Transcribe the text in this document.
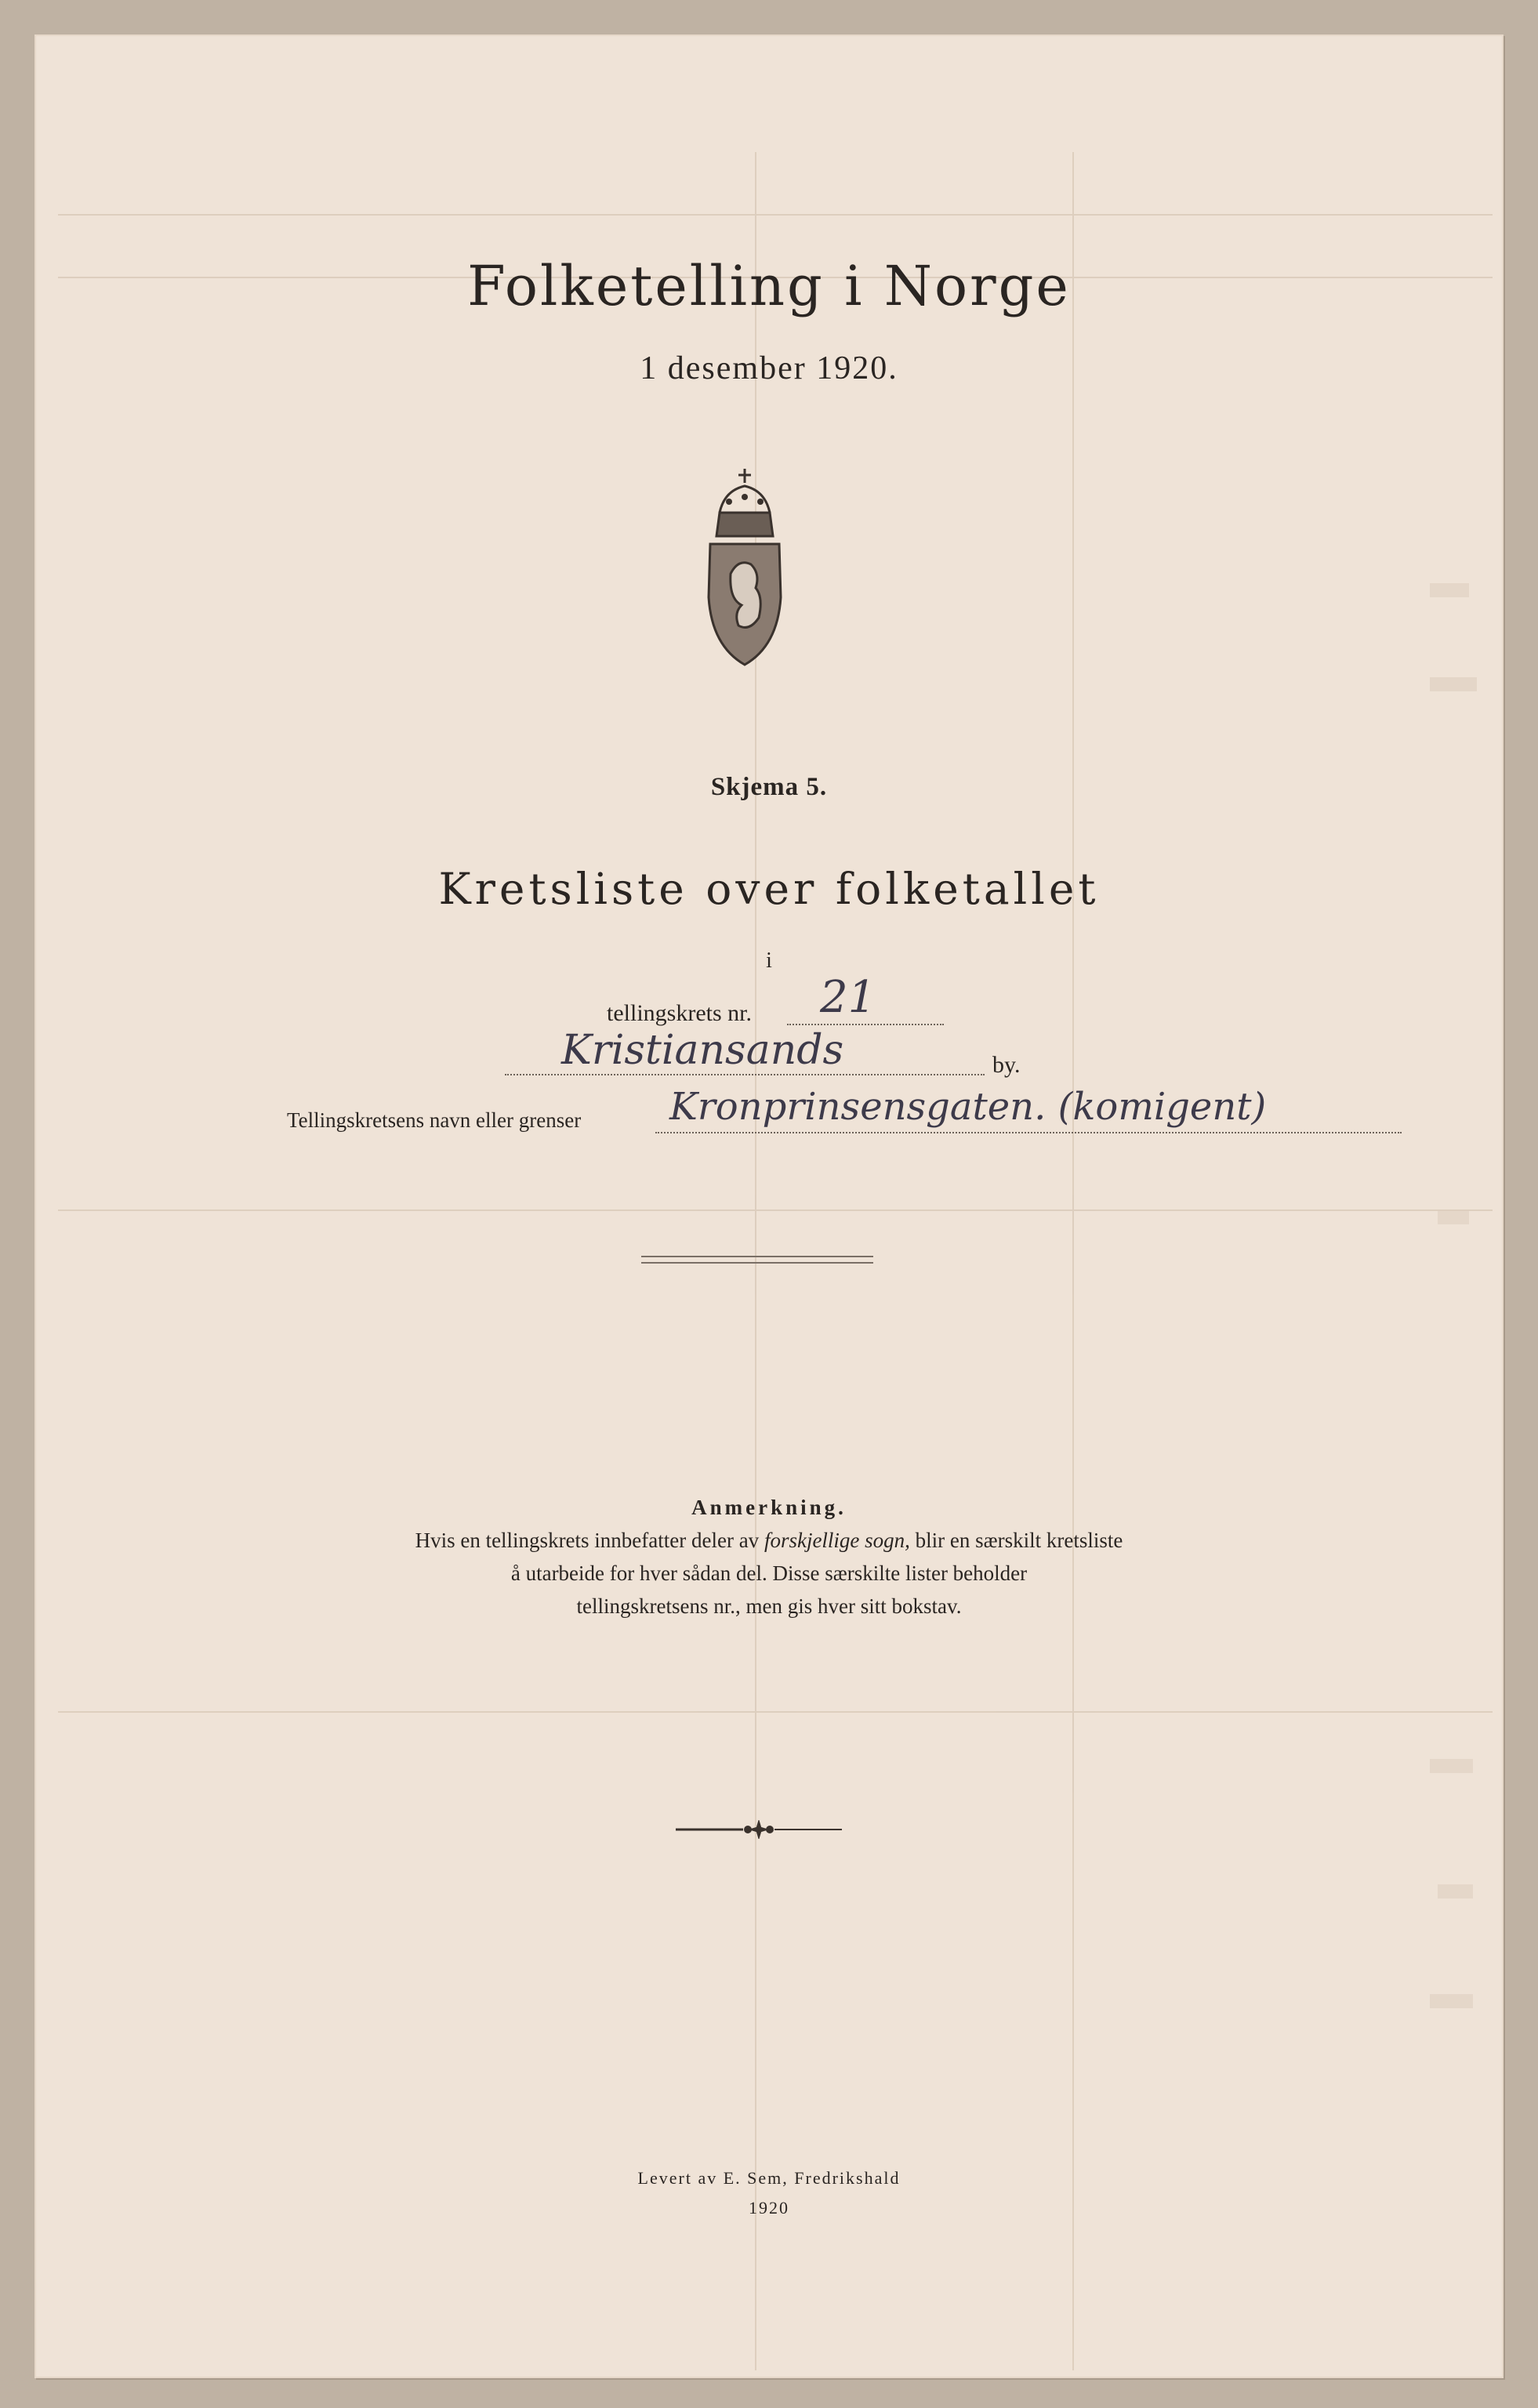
Folketelling i Norge
1 desember 1920.
Skjema 5.
Kretsliste over folketallet
i
tellingskrets nr. 21
Kristiansands	by.
Tellingskretsens navn eller grenser Kronprinsensgaten. (komigent)
Anmerkning.
Hvis en tellingskrets innbefatter deler av forskjellige sogn, blir en særskilt kretsliste
å utarbeide for hver sådan del. Disse særskilte lister beholder
tellingskretsens nr., men gis hver sitt bokstav.
Levert av E. Sem, Fredrikshald
1920
